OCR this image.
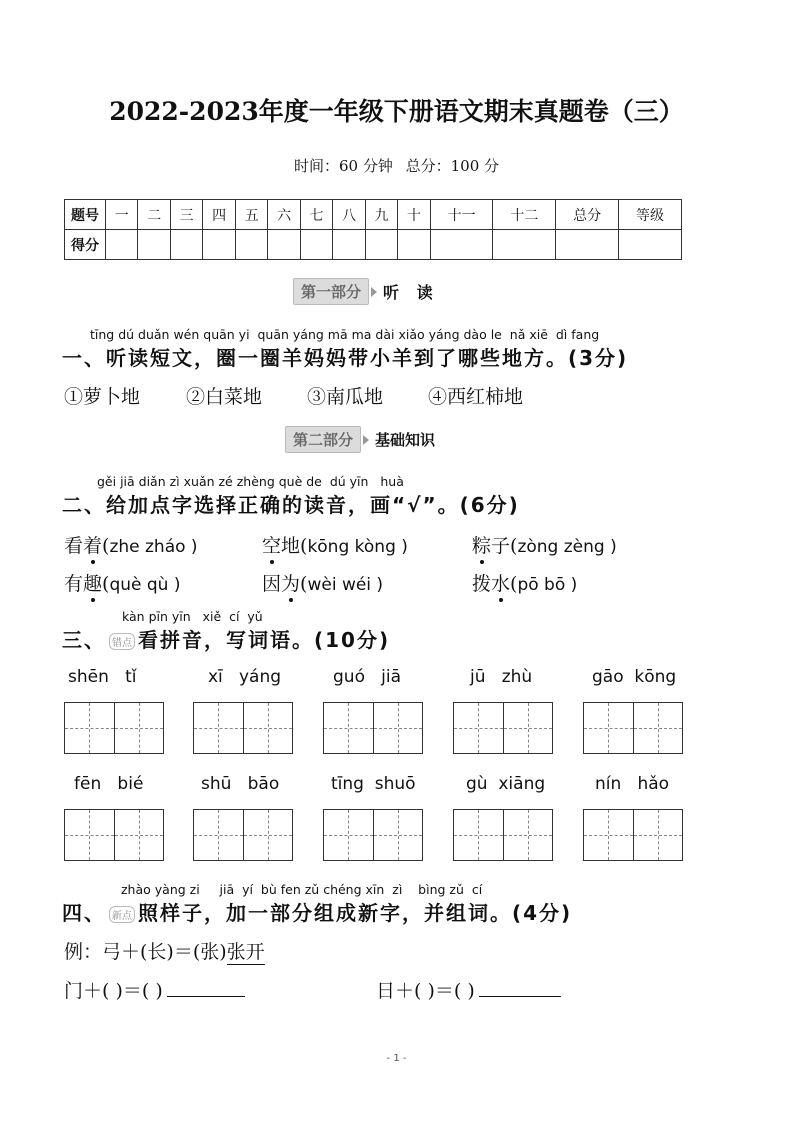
2022-2023年度一年级下册语文期末真题卷（三）
时间：60 分钟 总分：100 分
题号	一	二	三	四	五	六	七	八	九	十	十一	十二	总分	等级
得分														
第一部分	听 读
tīng dú duǎn wén quān yi  quān yáng mā ma dài xiǎo yáng dào le  nǎ xiē  dì fang
一、听读短文，圈一圈羊妈妈带小羊到了哪些地方。(3分)
①萝卜地 ②白菜地 ③南瓜地 ④西红柿地
第二部分	基础知识
gěi jiā diǎn zì xuǎn zé zhèng què de  dú yīn   huà
二、给加点字选择正确的读音，画“√”。(6分)
看着(zhe zháo )	空地(kōng kòng )	粽子(zòng zèng )
有趣(què qù )	因为(wèi wéi )	拨水(pō bō )
kàn pīn yīn   xiě  cí  yǔ
三、 错点 看拼音，写词语。(10分)
shēn   tǐ	xī   yáng	guó   jiā	jū   zhù	gāo  kōng
fēn   bié	shū   bāo	tīng  shuō	gù  xiāng	nín   hǎo
zhào yàng zi     jiā  yí  bù fen zǔ chéng xīn  zì    bìng zǔ  cí
四、 新点 照样子，加一部分组成新字，并组词。(4分)
例：弓＋(长)＝(张)张开
门＋( )＝( )	日＋( )＝( )
- 1 -
